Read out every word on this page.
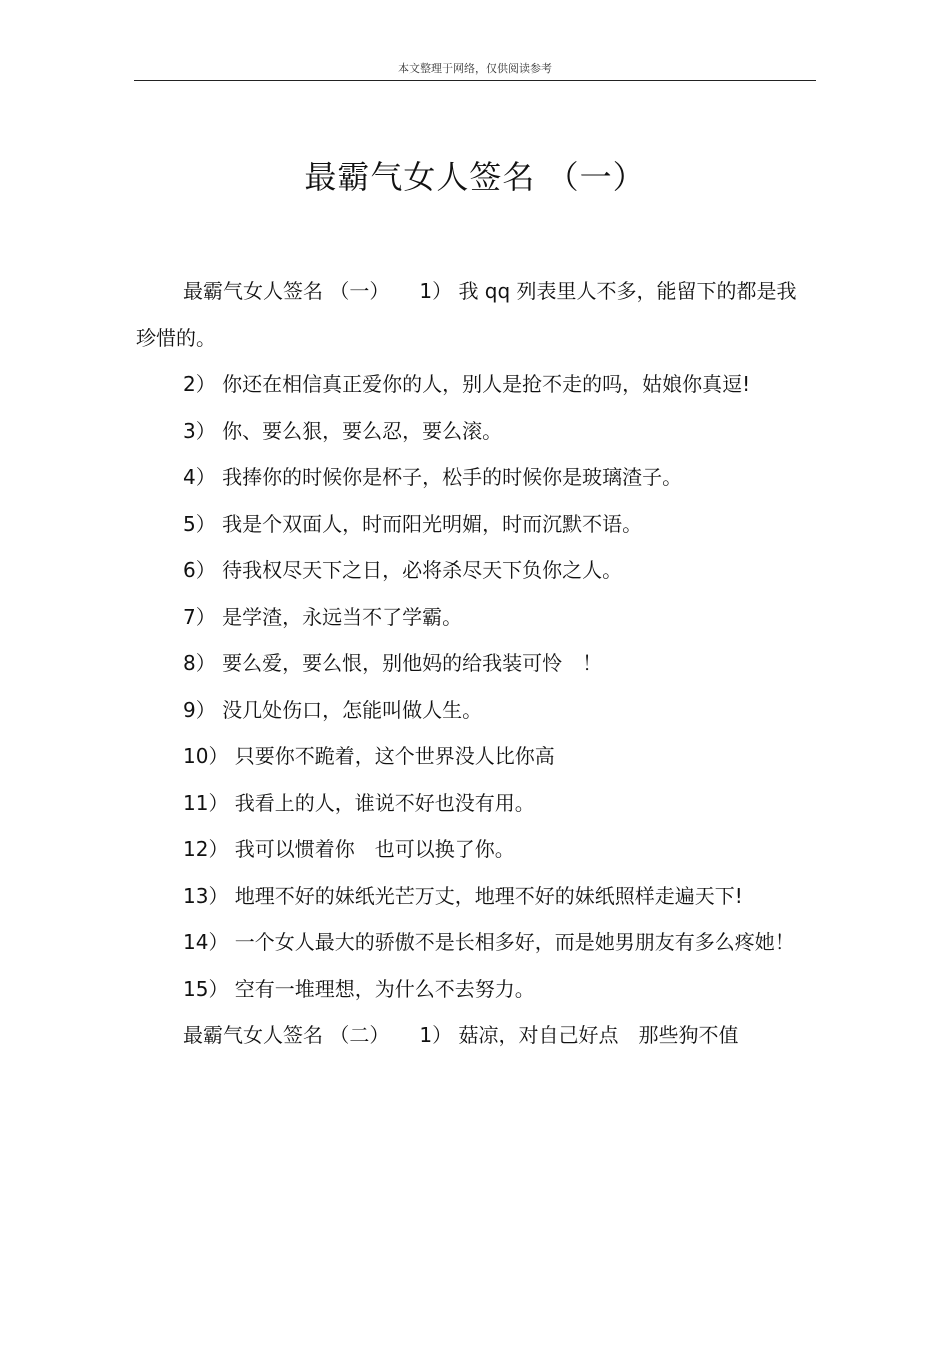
本文整理于网络，仅供阅读参考
最霸气女人签名 （一）

最霸气女人签名 （一）　　1） 我 qq 列表里人不多，能留下的都是我珍惜的。

2） 你还在相信真正爱你的人，别人是抢不走的吗，姑娘你真逗!

3） 你、要么狠，要么忍，要么滚。

4） 我捧你的时候你是杯子，松手的时候你是玻璃渣子。

5） 我是个双面人，时而阳光明媚，时而沉默不语。

6） 待我权尽天下之日，必将杀尽天下负你之人。

7） 是学渣，永远当不了学霸。

8） 要么爱，要么恨，别他妈的给我装可怜　！

9） 没几处伤口，怎能叫做人生。

10） 只要你不跪着，这个世界没人比你高

11） 我看上的人，谁说不好也没有用。

12） 我可以惯着你　也可以换了你。

13） 地理不好的妹纸光芒万丈，地理不好的妹纸照样走遍天下!

14） 一个女人最大的骄傲不是长相多好，而是她男朋友有多么疼她！

15） 空有一堆理想，为什么不去努力。

最霸气女人签名 （二）　　1） 菇凉，对自己好点　那些狗不值
